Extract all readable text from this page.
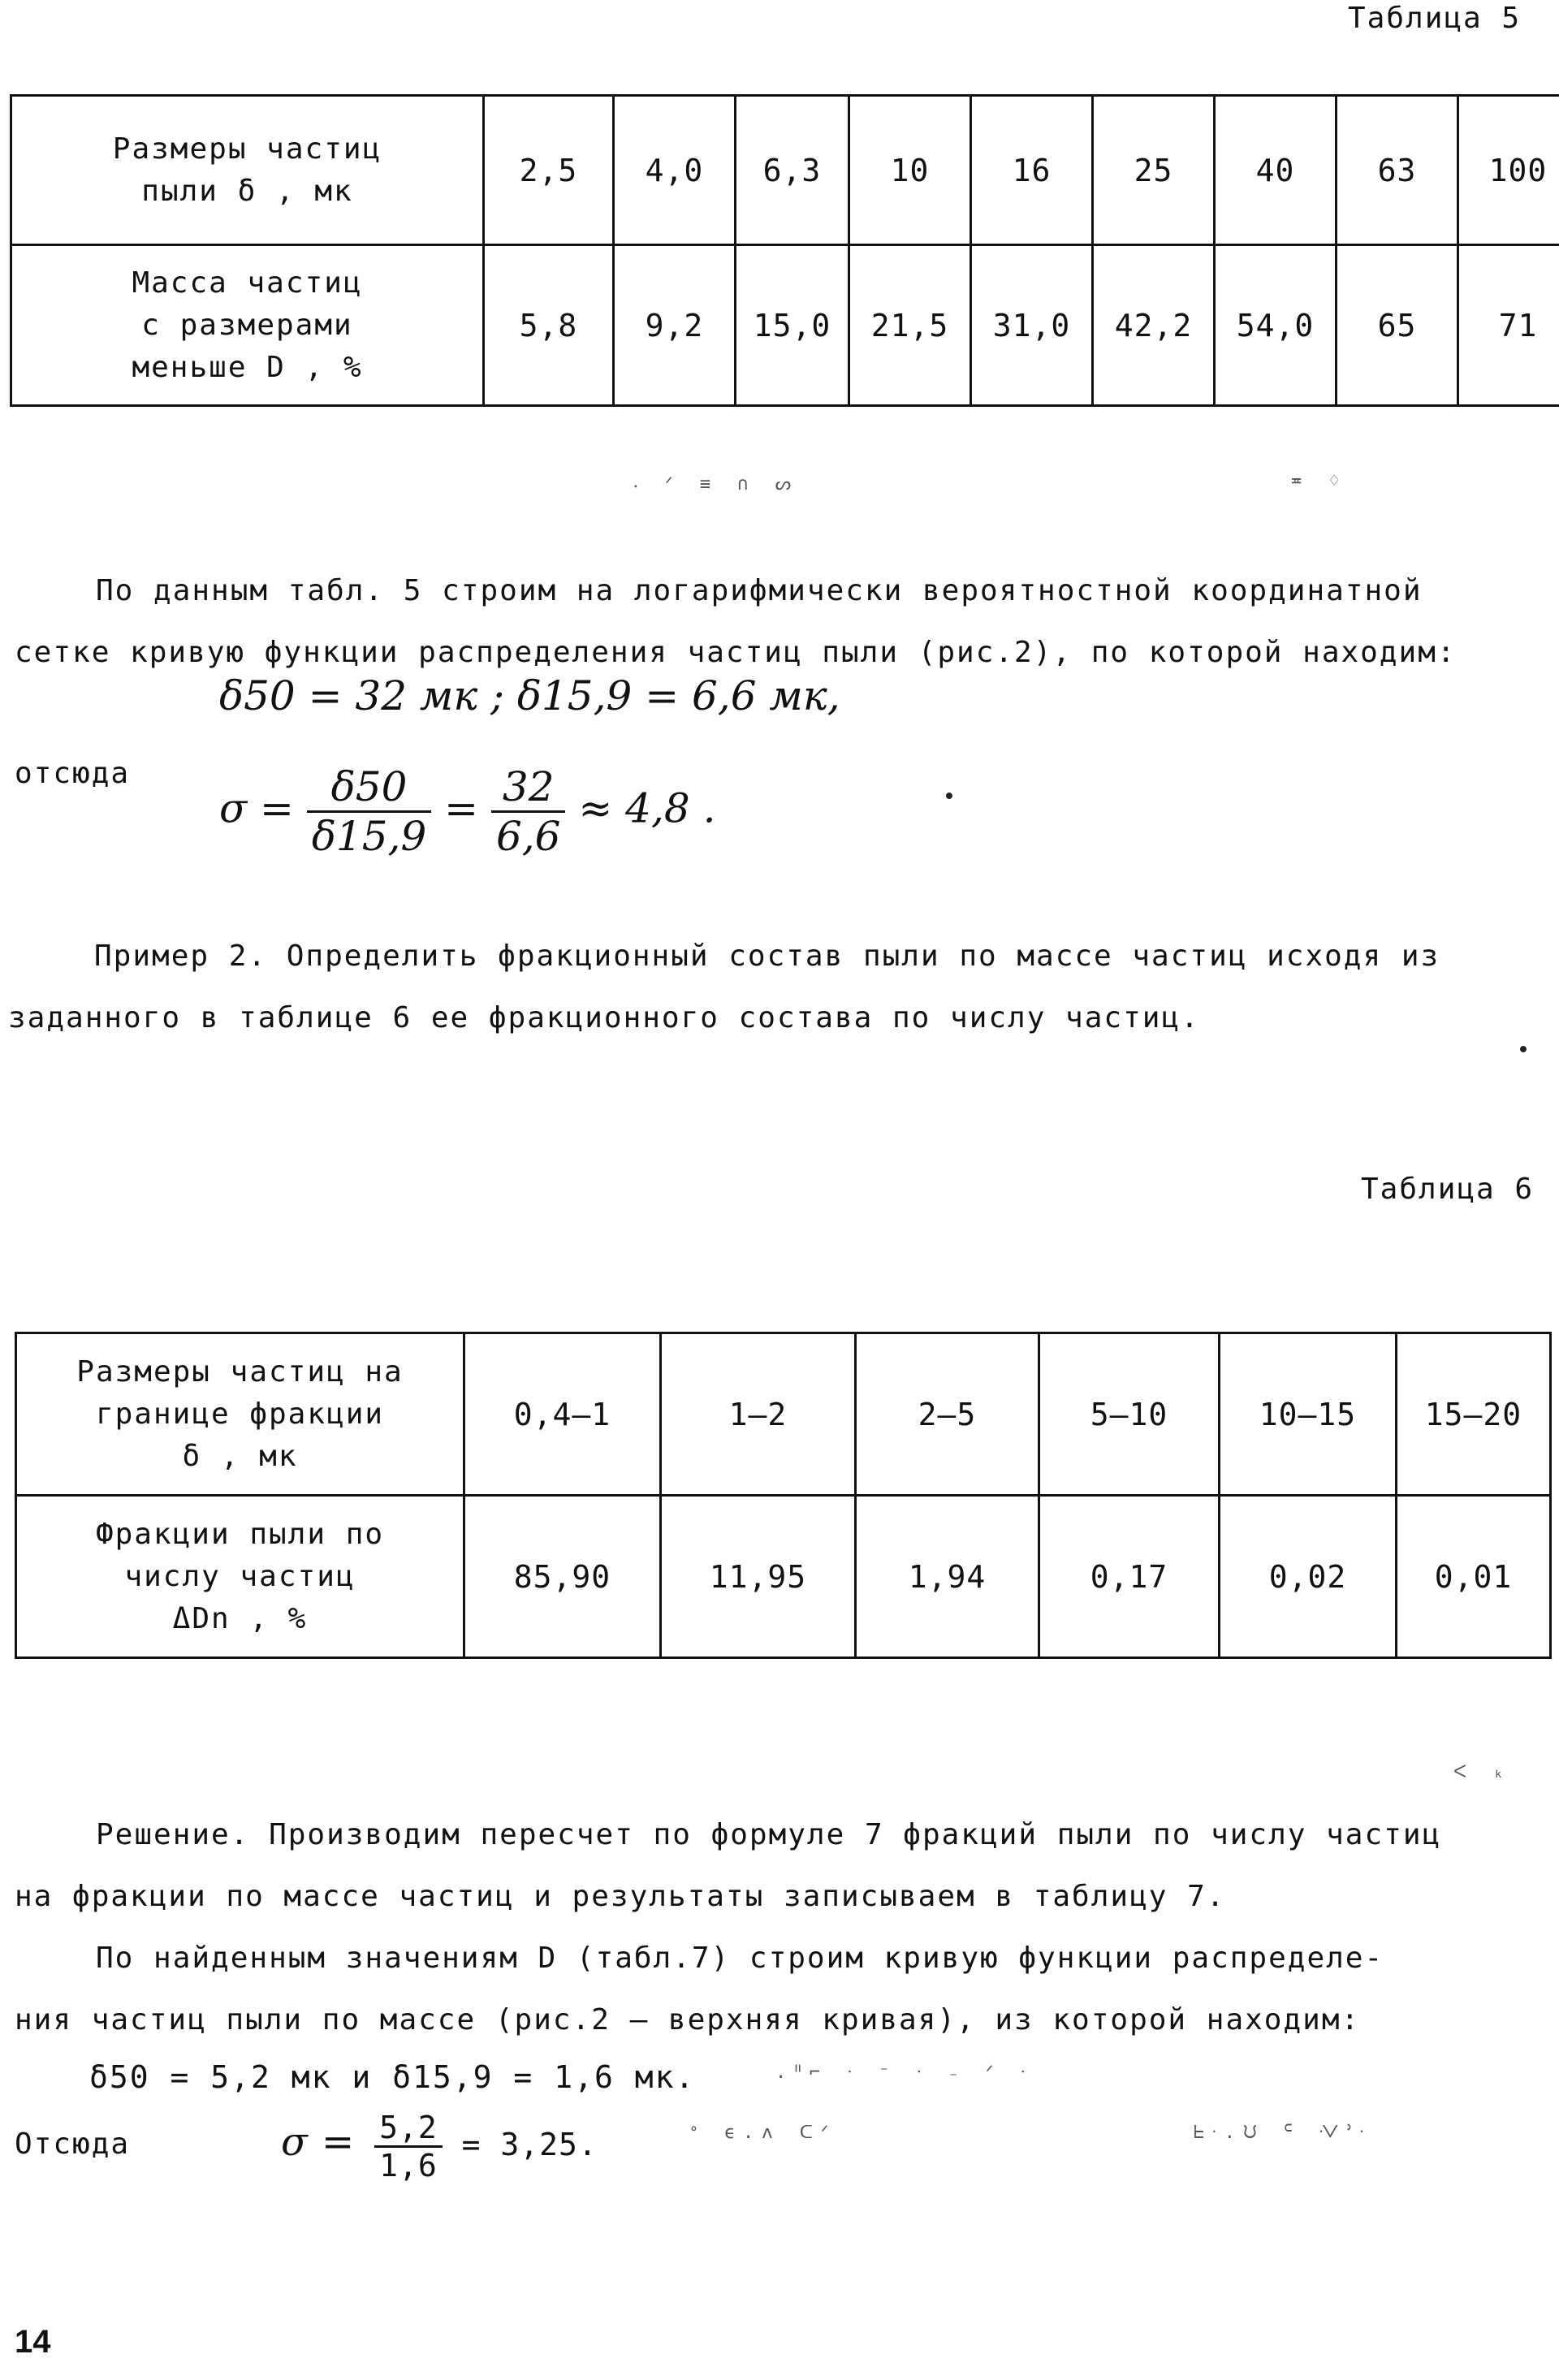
Таблица 5
Размеры частиц
пыли δ , мк	2,5	4,0	6,3	10	16	25	40	63	100

Масса частиц
с размерами
меньше D , %	5,8	9,2	15,0	21,5	31,0	42,2	54,0	65	71
⸳ ᐟ ≡ ∩ ᔕ	≖ ♢
По данным табл. 5 строим на логарифмически вероятностной координатной
сетке кривую функции распределения частиц пыли (рис.2), по которой находим:
δ50 = 32 мк ; δ15,9 = 6,6 мк,
отсюда
$\sigma = \frac{\delta 50}{\delta 15,9} = \frac{32}{6,6} \approx 4,8$ .
Пример 2. Определить фракционный состав пыли по массе частиц исходя из
заданного в таблице 6 ее фракционного состава по числу частиц.
Таблица 6
Размеры частиц на
границе фракции
δ , мк	0,4–1	1–2	2–5	5–10	10–15	15–20

Фракции пыли по
числу частиц
ΔDn , %	85,90	11,95	1,94	0,17	0,02	0,01
ᐸ ₖ
Решение. Производим пересчет по формуле 7 фракций пыли по числу частиц
на фракции по массе частиц и результаты записываем в таблицу 7.
По найденным значениям D (табл.7) строим кривую функции распределе-
ния частиц пыли по массе (рис.2 – верхняя кривая), из которой находим:
δ50 = 5,2 мк и δ15,9 = 1,6 мк.	.ᐦ⌐ ᐧ ⁻ ᐧ ₋ ᐟ ᐧ
Отсюда	$\sigma = \frac{5,2}{1,6} = 3,25$.	ᐤ ϵ.ʌ ᑕᐟ	ᖶᐧ.ᙀ ᑦ ᐺᐣᐧ
14
